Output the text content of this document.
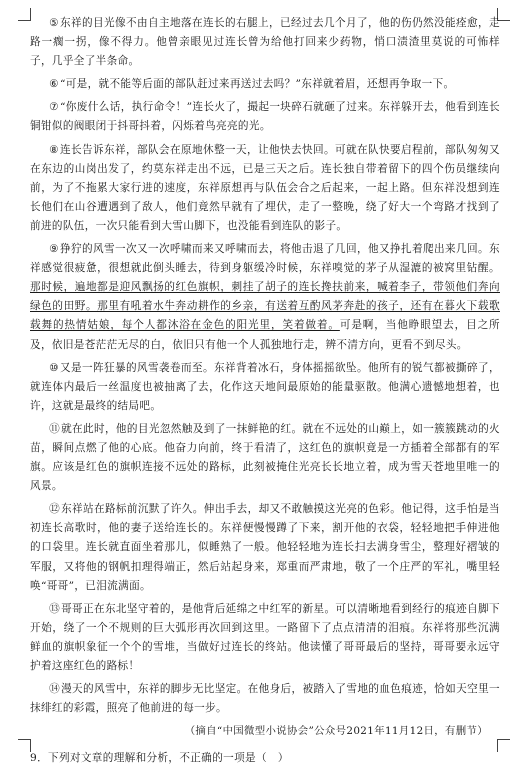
⑤东祥的目光像不由自主地落在连长的右腿上，已经过去几个月了，他的伤仍然没能痊愈，走路一瘸一拐，像不得力。他曾亲眼见过连长曾为给他打回来少药物，悄口渍渣里莫说的可怖样子，几乎全了半条命。

⑥“可是，就不能等后面的部队赶过来再送过去吗？”东祥就着眉，还想再争取一下。

⑦“你废什么话，执行命令！”连长火了，撮起一块碎石就砸了过来。东祥躲开去，他看到连长铜钳似的阀眼闭于抖哥抖着，闪烁着鸟亮亮的光。

⑧连长告诉东祥，部队会在原地休整一天，让他快去快回。可就在队快要启程前，部队匆匆又在东边的山岗出发了，约莫东祥走出不远，已是三天之后。连长独自带着留下的四个伤员继续向前，为了不拖累大家行进的速度，东祥原想再与队伍会合之后起来，一起上路。但东祥没想到连长他们在山谷遭遇到了敌人，他们竟然早就有了埋伏，走了一整晚，绕了好大一个弯路才找到了前进的队伍，一次只能看到大雪山脚下，也没能看到连队的影子。

⑨狰狞的风雪一次又一次呼啸而来又呼啸而去，将他击退了几回，他又挣扎着爬出来几回。东祥感觉很疲惫，很想就此倒头睡去，待到身躯缓冷时候，东祥嗅觉的茅子从湿漉的被窝里钻醒。那时候，遍地都是迎风飘扬的红色旗帜，刺挂了胡子的连长搀扶前来，喊着李子，带领他们奔向绿色的田野。那里有吼着水牛奔动耕作的乡亲，有送着互酌风茅奔赴的孩子，还有在暮火下载歌载舞的热情姑娘，每个人都沐浴在金色的阳光里，笑着做着。可是啊，当他睁眼望去，目之所及，依旧是苍茫茫无尽的白，依旧只有他一个人孤独地行走，辨不清方向，更看不到尽头。

⑩又是一阵狂暴的风雪袭卷而至。东祥背着冰石，身体摇摇欲坠。他所有的锐气都被撕碎了，就连体内最后一丝温度也被抽离了去，化作这天地间最原始的能量驱散。他满心遗憾地想着，也许，这就是最终的结局吧。

⑪就在此时，他的目光忽然触及到了一抹鲜艳的红。就在不远处的山巅上，如一簇簇跳动的火苗，瞬间点燃了他的心底。他奋力向前，终于看清了，这红色的旗帜竟是一方插着全部都有的军旗。应该是红色的旗帜连接不远处的路标，此刻被掩住光亮长长地立着，成为雪天苍地里唯一的风景。

⑫东祥站在路标前沉默了许久。伸出手去，却又不敢触摸这光亮的色彩。他记得，这手怕是当初连长高歌时，他的妻子送给连长的。东祥便慢慢蹲了下来，割开他的衣袋，轻轻地把手伸进他的口袋里。连长就直面坐着那儿，似睡熟了一般。他轻轻地为连长扫去满身雪尘，整理好褶皱的军服，又将他的钢帆扣理得端正，然后站起身来，郑重而严肃地，敬了一个庄严的军礼，嘴里轻唤“哥哥”，已泪流满面。

⑬哥哥正在东北坚守着的，是他背后延绵之中红军的新星。可以清晰地看到经行的痕迹自脚下开始，绕了一个不规则的巨大弧形再次回到这里。一路留下了点点清清的泪痕。东祥将那些沉满鲜血的旗帜象征一个个的雪堆，当做好过连长的终站。他读懂了哥哥最后的坚持，哥哥要永远守护着这座红色的路标！

⑭漫天的风雪中，东祥的脚步无比坚定。在他身后，被踏入了雪地的血色痕迹，恰如天空里一抹绯红的彩霞，照亮了他前进的每一步。

（摘自“中国微型小说协会”公众号2021年11月12日，有删节）
9．下列对文章的理解和分析，不正确的一项是（　）
